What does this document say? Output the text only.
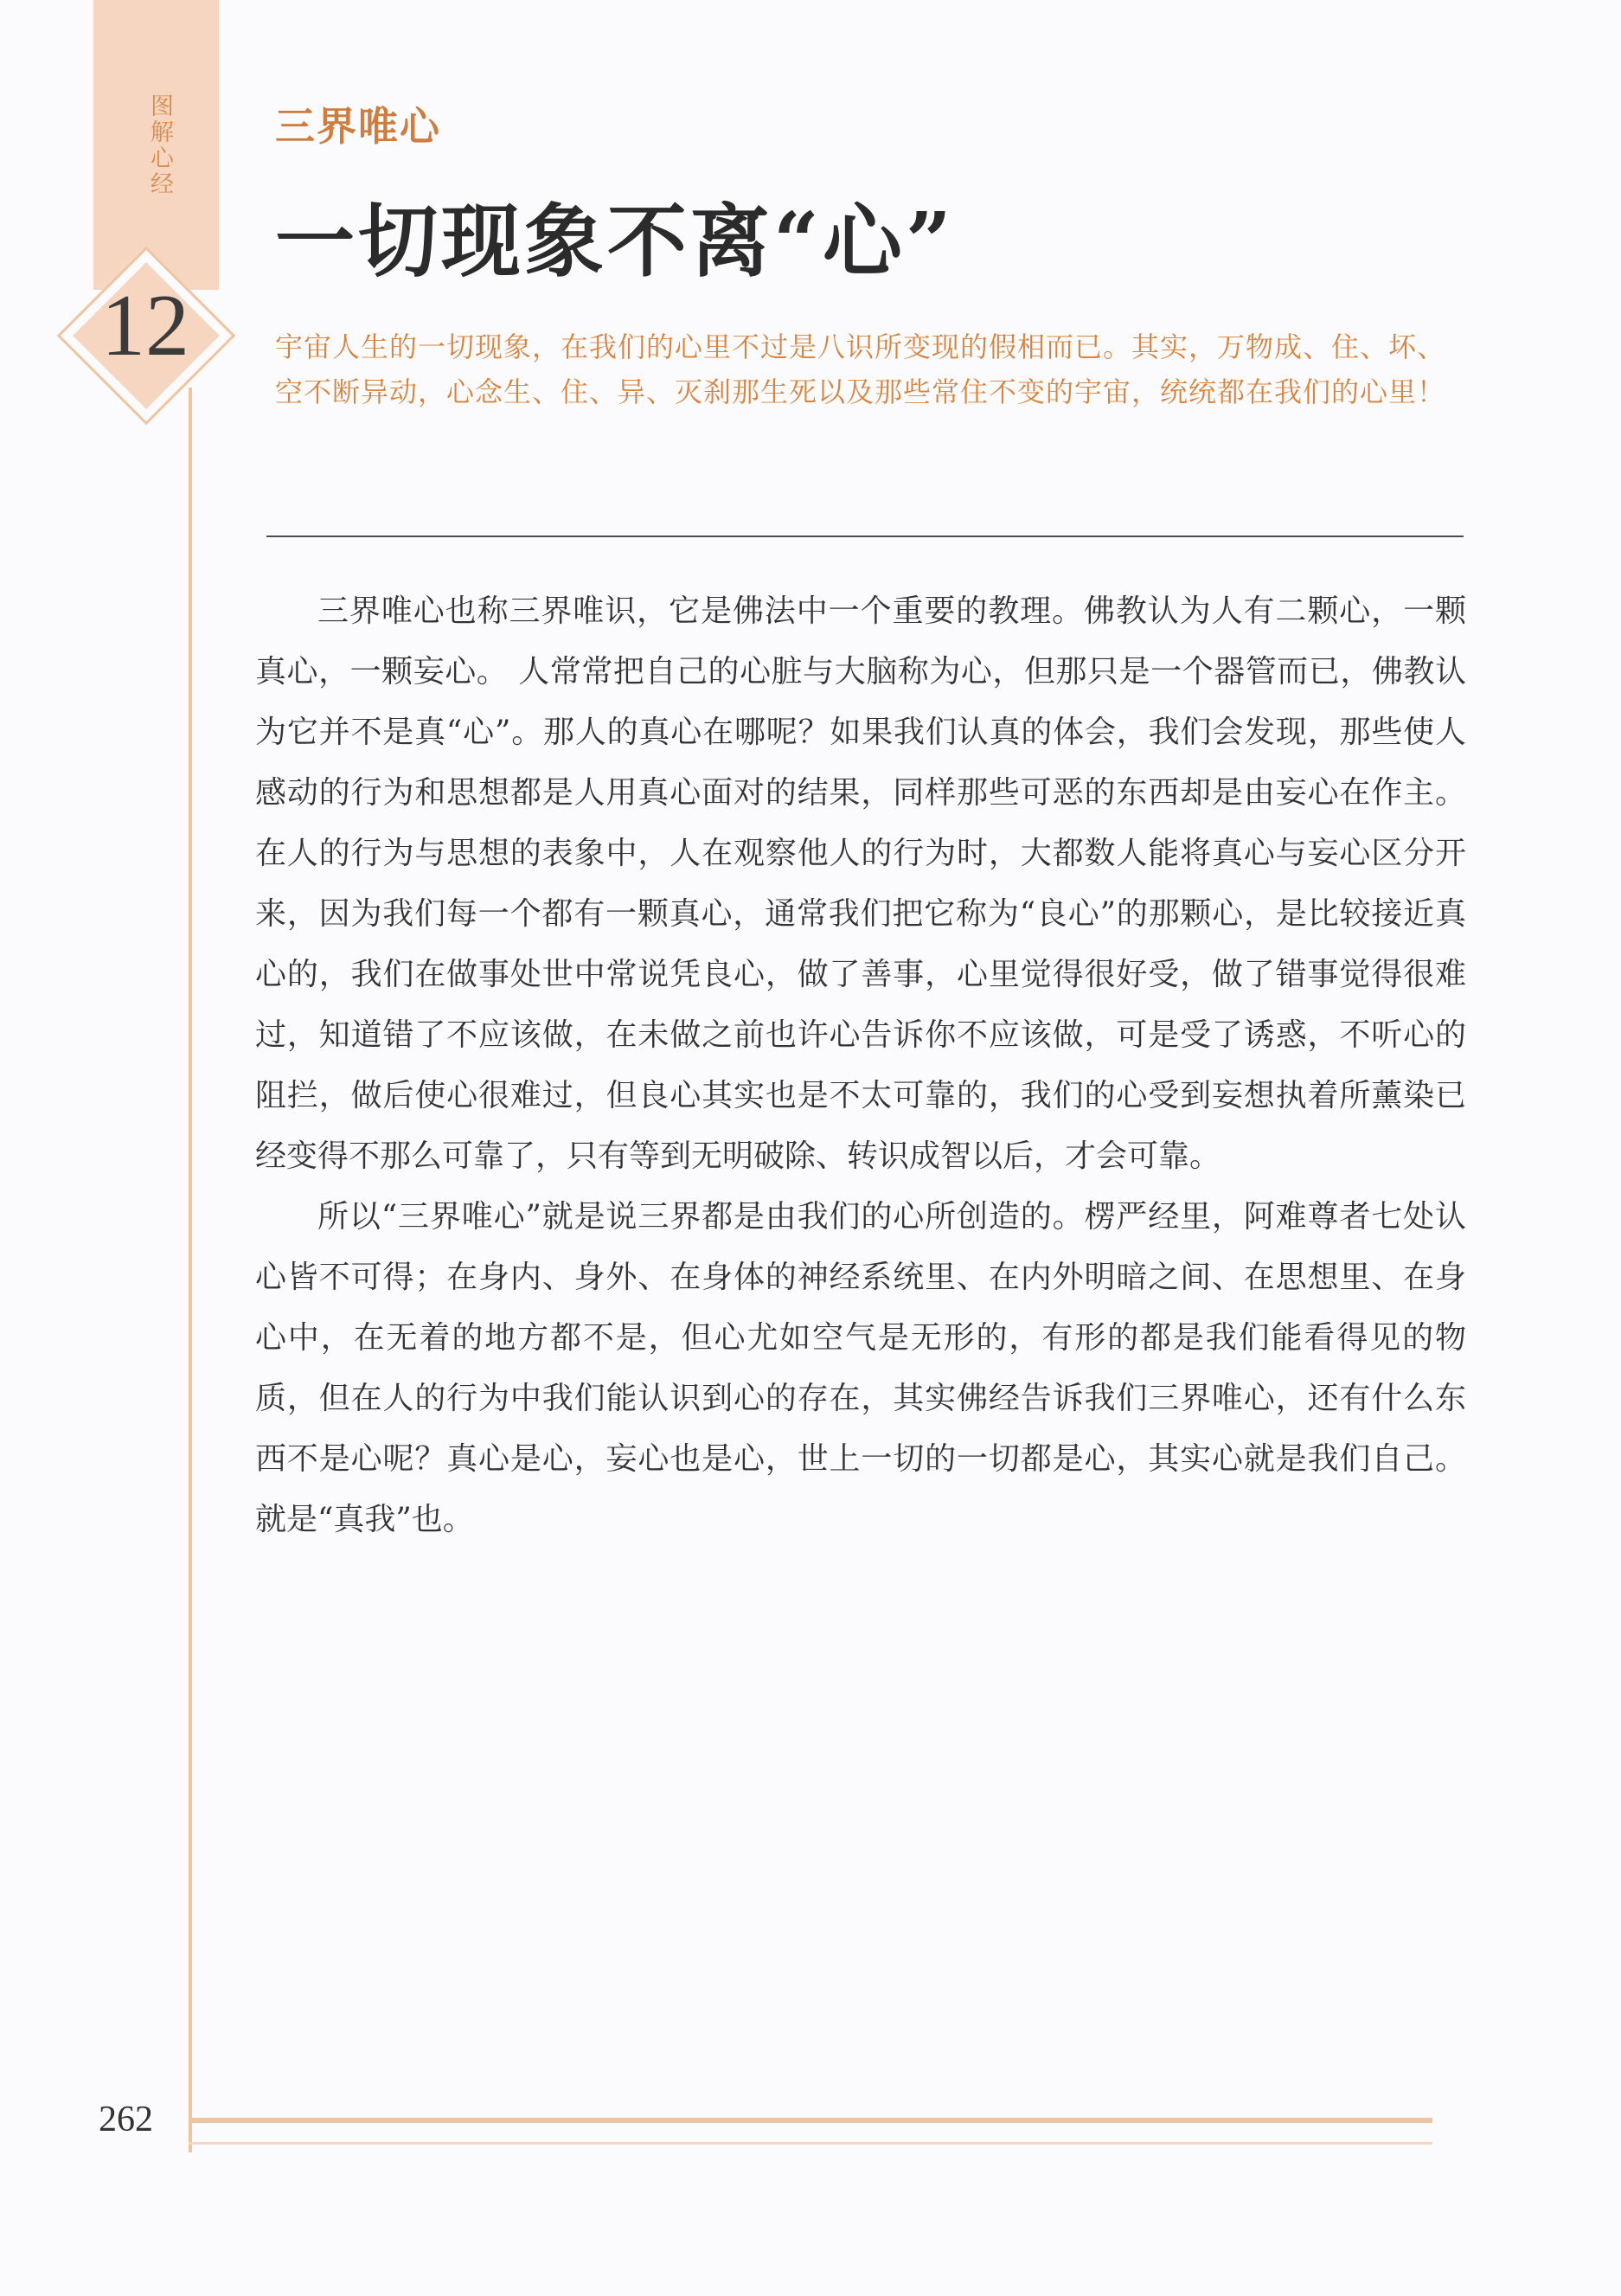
图解心经
12
三界唯心
一切现象不离“心”
宇宙人生的一切现象，在我们的心里不过是八识所变现的假相而已。其实，万物成、住、坏、空不断异动，心念生、住、异、灭刹那生死以及那些常住不变的宇宙，统统都在我们的心里！

三界唯心也称三界唯识，它是佛法中一个重要的教理。佛教认为人有二颗心，一颗真心，一颗妄心。 人常常把自己的心脏与大脑称为心，但那只是一个器管而已，佛教认为它并不是真“心”。那人的真心在哪呢？如果我们认真的体会，我们会发现，那些使人感动的行为和思想都是人用真心面对的结果，同样那些可恶的东西却是由妄心在作主。在人的行为与思想的表象中，人在观察他人的行为时，大都数人能将真心与妄心区分开来，因为我们每一个都有一颗真心，通常我们把它称为“良心”的那颗心，是比较接近真心的，我们在做事处世中常说凭良心，做了善事，心里觉得很好受，做了错事觉得很难过，知道错了不应该做，在未做之前也许心告诉你不应该做，可是受了诱惑，不听心的阻拦，做后使心很难过，但良心其实也是不太可靠的，我们的心受到妄想执着所薰染已经变得不那么可靠了，只有等到无明破除、转识成智以后，才会可靠。

所以“三界唯心”就是说三界都是由我们的心所创造的。楞严经里，阿难尊者七处认心皆不可得；在身内、身外、在身体的神经系统里、在内外明暗之间、在思想里、在身心中，在无着的地方都不是，但心尤如空气是无形的，有形的都是我们能看得见的物质，但在人的行为中我们能认识到心的存在，其实佛经告诉我们三界唯心，还有什么东西不是心呢？真心是心，妄心也是心，世上一切的一切都是心，其实心就是我们自己。就是“真我”也。

262
